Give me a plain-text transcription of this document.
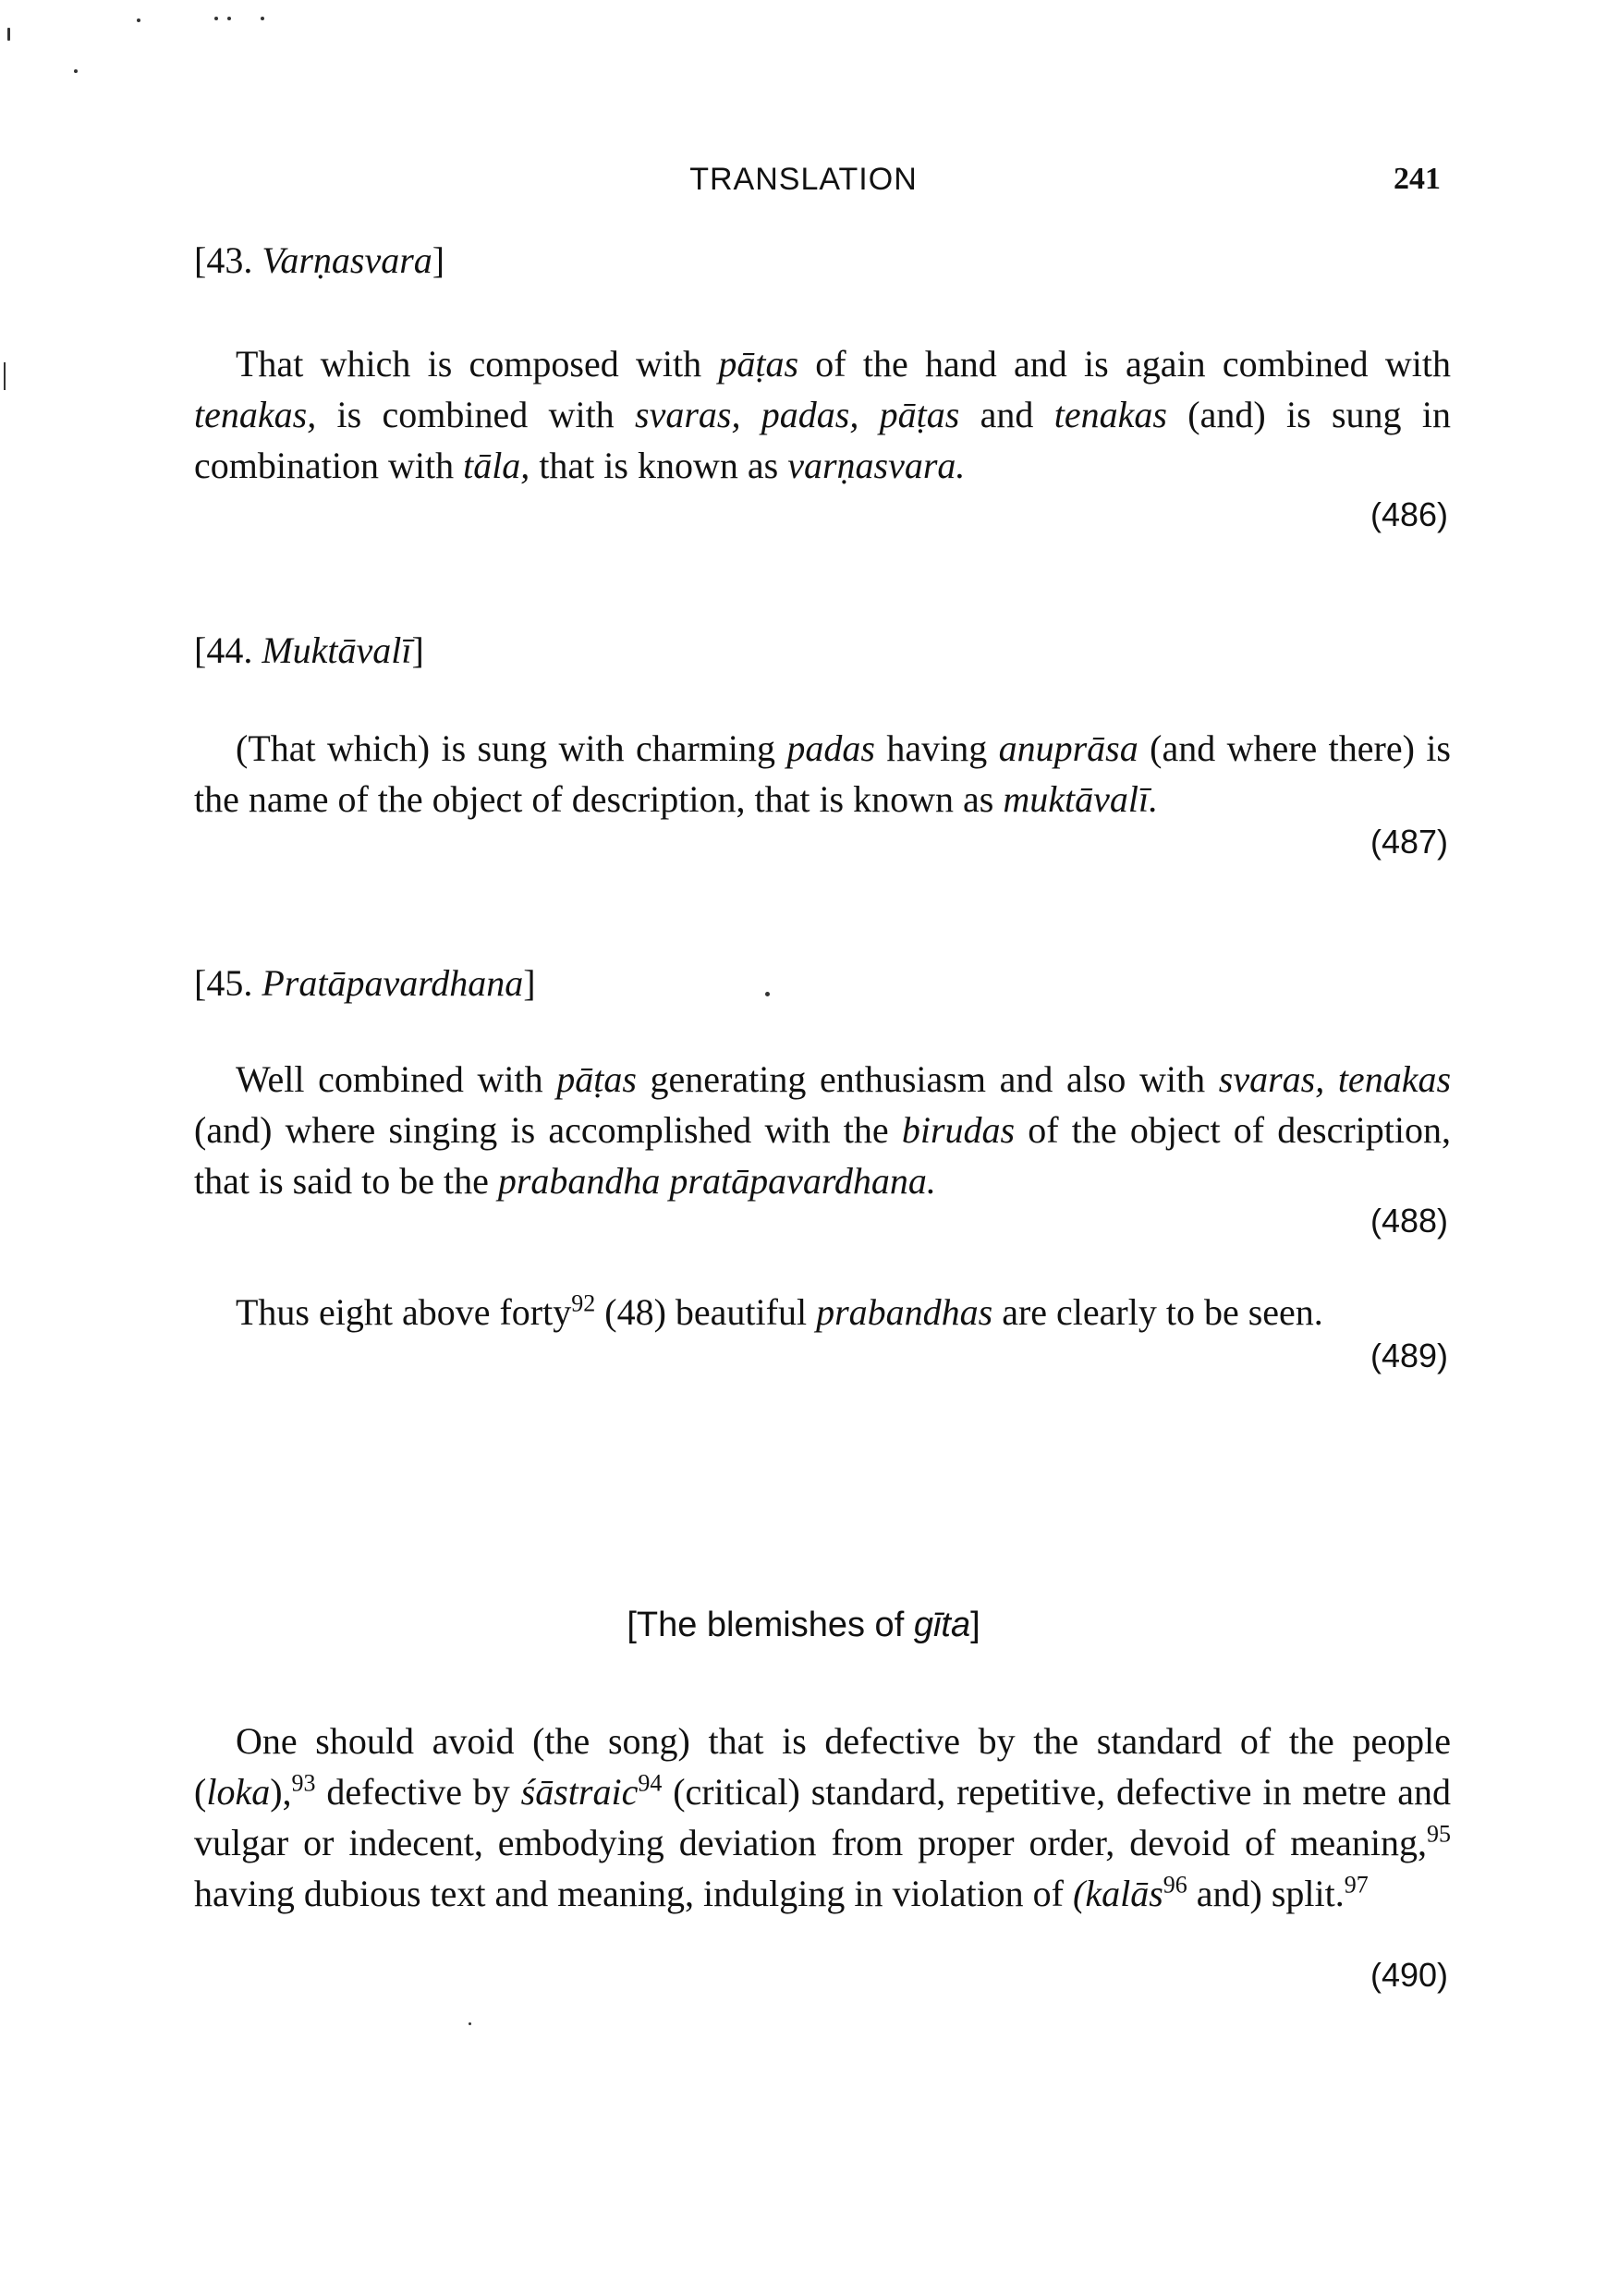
TRANSLATION	241
[43. Varṇasvara]
That which is composed with pāṭas of the hand and is again combined with tenakas, is combined with svaras, padas, pāṭas and tenakas (and) is sung in combination with tāla, that is known as varṇasvara.
(486)
[44. Muktāvalī]
(That which) is sung with charming padas having anuprāsa (and where there) is the name of the object of description, that is known as muktāvalī.
(487)
[45. Pratāpavardhana]
Well combined with pāṭas generating enthusiasm and also with svaras, tenakas (and) where singing is accomplished with the birudas of the object of description, that is said to be the prabandha pratāpavardhana.
(488)
Thus eight above forty$^{92}$ (48) beautiful prabandhas are clearly to be seen.
(489)
[The blemishes of gīta]
One should avoid (the song) that is defective by the standard of the people (loka),$^{93}$ defective by śāstraic$^{94}$ (critical) standard, repetitive, defective in metre and vulgar or indecent, embodying deviation from proper order, devoid of meaning,$^{95}$ having dubious text and meaning, indulging in violation of (kalās$^{96}$ and) split.$^{97}$
(490)
